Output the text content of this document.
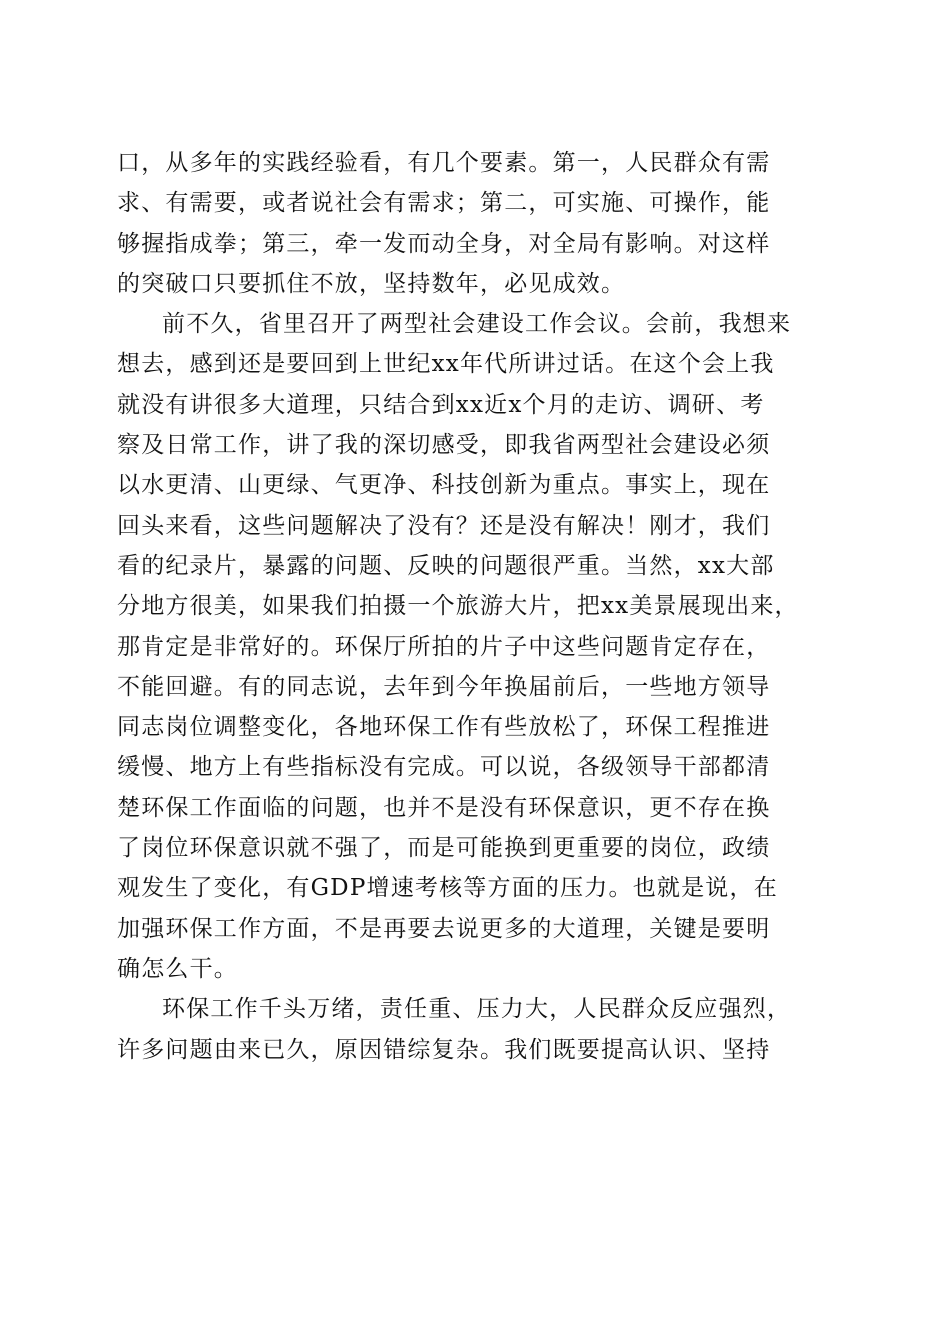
口，从多年的实践经验看，有几个要素。第一，人民群众有需
求、有需要，或者说社会有需求；第二，可实施、可操作，能
够握指成拳；第三，牵一发而动全身，对全局有影响。对这样
的突破口只要抓住不放，坚持数年，必见成效。
前不久，省里召开了两型社会建设工作会议。会前，我想来
想去，感到还是要回到上世纪xx年代所讲过话。在这个会上我
就没有讲很多大道理，只结合到xx近x个月的走访、调研、考
察及日常工作，讲了我的深切感受，即我省两型社会建设必须
以水更清、山更绿、气更净、科技创新为重点。事实上，现在
回头来看，这些问题解决了没有？还是没有解决！刚才，我们
看的纪录片，暴露的问题、反映的问题很严重。当然，xx大部
分地方很美，如果我们拍摄一个旅游大片，把xx美景展现出来，
那肯定是非常好的。环保厅所拍的片子中这些问题肯定存在，
不能回避。有的同志说，去年到今年换届前后，一些地方领导
同志岗位调整变化，各地环保工作有些放松了，环保工程推进
缓慢、地方上有些指标没有完成。可以说，各级领导干部都清
楚环保工作面临的问题，也并不是没有环保意识，更不存在换
了岗位环保意识就不强了，而是可能换到更重要的岗位，政绩
观发生了变化，有GDP增速考核等方面的压力。也就是说，在
加强环保工作方面，不是再要去说更多的大道理，关键是要明
确怎么干。
环保工作千头万绪，责任重、压力大，人民群众反应强烈，
许多问题由来已久，原因错综复杂。我们既要提高认识、坚持
